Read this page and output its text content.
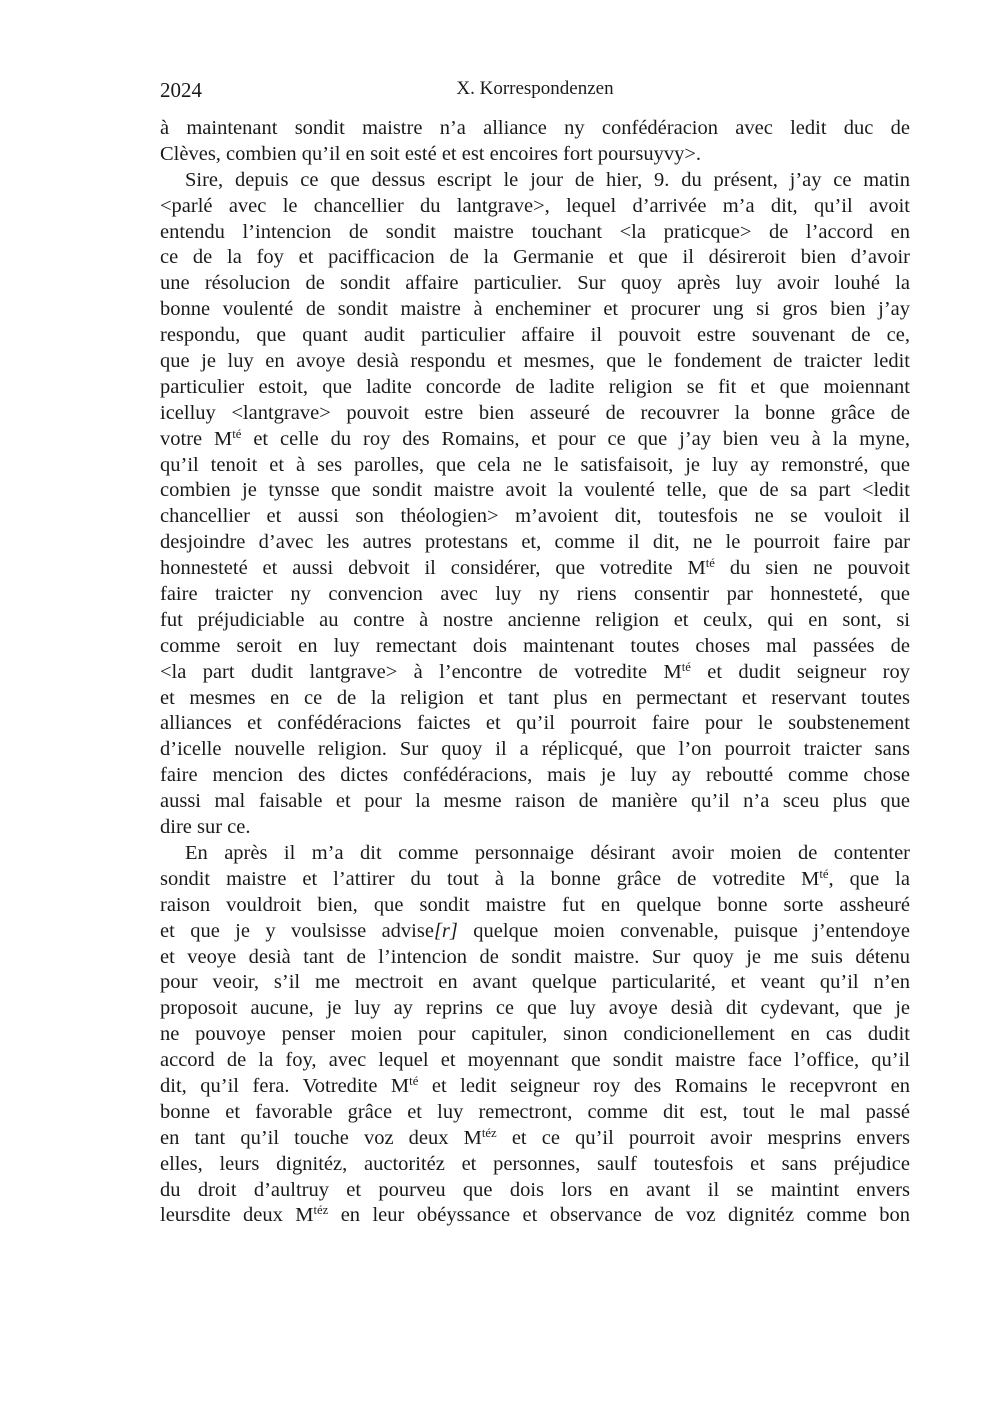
2024	X. Korrespondenzen
à maintenant sondit maistre n’a alliance ny confédéracion avec ledit duc de
Clèves, combien qu’il en soit esté et est encoires fort poursuyvy>.
Sire, depuis ce que dessus escript le jour de hier, 9. du présent, j’ay ce matin
<parlé avec le chancellier du lantgrave>, lequel d’arrivée m’a dit, qu’il avoit
entendu l’intencion de sondit maistre touchant <la praticque> de l’accord en
ce de la foy et pacifficacion de la Germanie et que il désireroit bien d’avoir
une résolucion de sondit affaire particulier. Sur quoy après luy avoir louhé la
bonne voulenté de sondit maistre à encheminer et procurer ung si gros bien j’ay
respondu, que quant audit particulier affaire il pouvoit estre souvenant de ce,
que je luy en avoye desià respondu et mesmes, que le fondement de traicter ledit
particulier estoit, que ladite concorde de ladite religion se fit et que moiennant
icelluy <lantgrave> pouvoit estre bien asseuré de recouvrer la bonne grâce de
votre $M^{té}$ et celle du roy des Romains, et pour ce que j’ay bien veu à la myne,
qu’il tenoit et à ses parolles, que cela ne le satisfaisoit, je luy ay remonstré, que
combien je tynsse que sondit maistre avoit la voulenté telle, que de sa part <ledit
chancellier et aussi son théologien> m’avoient dit, toutesfois ne se vouloit il
desjoindre d’avec les autres protestans et, comme il dit, ne le pourroit faire par
honnesteté et aussi debvoit il considérer, que votredite $M^{té}$ du sien ne pouvoit
faire traicter ny convencion avec luy ny riens consentir par honnesteté, que
fut préjudiciable au contre à nostre ancienne religion et ceulx, qui en sont, si
comme seroit en luy remectant dois maintenant toutes choses mal passées de
<la part dudit lantgrave> à l’encontre de votredite $M^{té}$ et dudit seigneur roy
et mesmes en ce de la religion et tant plus en permectant et reservant toutes
alliances et confédéracions faictes et qu’il pourroit faire pour le soubstenement
d’icelle nouvelle religion. Sur quoy il a réplicqué, que l’on pourroit traicter sans
faire mencion des dictes confédéracions, mais je luy ay reboutté comme chose
aussi mal faisable et pour la mesme raison de manière qu’il n’a sceu plus que
dire sur ce.
En après il m’a dit comme personnaige désirant avoir moien de contenter
sondit maistre et l’attirer du tout à la bonne grâce de votredite $M^{té}$, que la
raison vouldroit bien, que sondit maistre fut en quelque bonne sorte assheuré
et que je y voulsisse advise[r] quelque moien convenable, puisque j’entendoye
et veoye desià tant de l’intencion de sondit maistre. Sur quoy je me suis détenu
pour veoir, s’il me mectroit en avant quelque particularité, et veant qu’il n’en
proposoit aucune, je luy ay reprins ce que luy avoye desià dit cydevant, que je
ne pouvoye penser moien pour capituler, sinon condicionellement en cas dudit
accord de la foy, avec lequel et moyennant que sondit maistre face l’office, qu’il
dit, qu’il fera. Votredite $M^{té}$ et ledit seigneur roy des Romains le recepvront en
bonne et favorable grâce et luy remectront, comme dit est, tout le mal passé
en tant qu’il touche voz deux $M^{téz}$ et ce qu’il pourroit avoir mesprins envers
elles, leurs dignitéz, auctoritéz et personnes, saulf toutesfois et sans préjudice
du droit d’aultruy et pourveu que dois lors en avant il se maintint envers
leursdite deux $M^{téz}$ en leur obéyssance et observance de voz dignitéz comme bon
